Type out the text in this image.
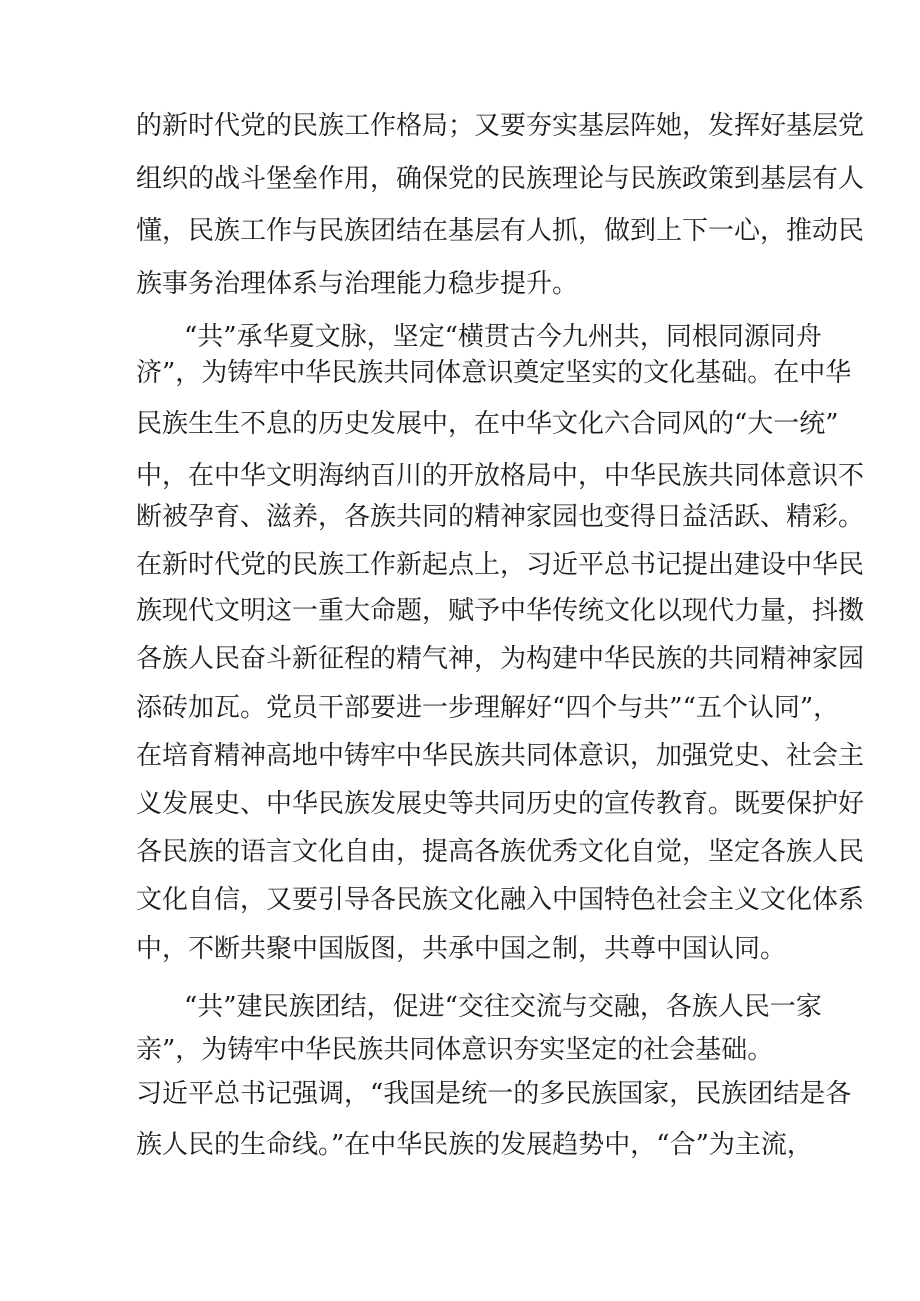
的新时代党的民族工作格局；又要夯实基层阵她，发挥好基层党
组织的战斗堡垒作用，确保党的民族理论与民族政策到基层有人
懂，民族工作与民族团结在基层有人抓，做到上下一心，推动民
族事务治理体系与治理能力稳步提升。
“共”承华夏文脉，坚定“横贯古今九州共，同根同源同舟
济”，为铸牢中华民族共同体意识奠定坚实的文化基础。在中华
民族生生不息的历史发展中，在中华文化六合同风的“大一统”
中，在中华文明海纳百川的开放格局中，中华民族共同体意识不
断被孕育、滋养，各族共同的精神家园也变得日益活跃、精彩。
在新时代党的民族工作新起点上，习近平总书记提出建设中华民
族现代文明这一重大命题，赋予中华传统文化以现代力量，抖擞
各族人民奋斗新征程的精气神，为构建中华民族的共同精神家园
添砖加瓦。党员干部要进一步理解好“四个与共”“五个认同”，
在培育精神高地中铸牢中华民族共同体意识，加强党史、社会主
义发展史、中华民族发展史等共同历史的宣传教育。既要保护好
各民族的语言文化自由，提高各族优秀文化自觉，坚定各族人民
文化自信，又要引导各民族文化融入中国特色社会主义文化体系
中，不断共聚中国版图，共承中国之制，共尊中国认同。
“共”建民族团结，促进“交往交流与交融，各族人民一家
亲”，为铸牢中华民族共同体意识夯实坚定的社会基础。
习近平总书记强调，“我国是统一的多民族国家，民族团结是各
族人民的生命线。”在中华民族的发展趋势中，“合”为主流，
